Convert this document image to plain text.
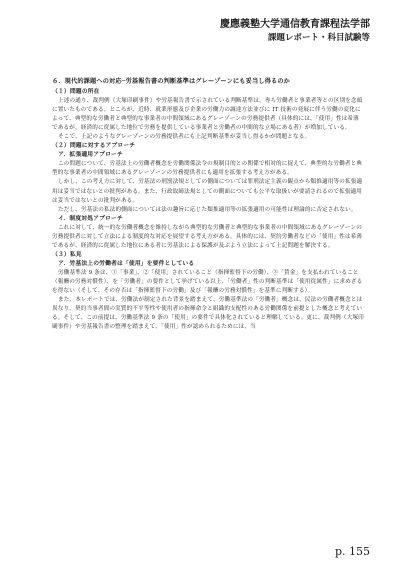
慶應義塾大学通信教育課程法学部
課題レポート・科目試験等
６．現代的課題への対応─労基報告書の判断基準はグレーゾーンにも妥当し得るのか
（１）問題の所在

上述の通り、裁判例（大塚印刷事件）や労基報告書で示されている判断基準は、専ら労働者と事業者等との区別を念頭に置いたものである。ところが、近時、就業形態及び企業の労働力の調達方法並びに IT 技術の発展に伴う労働の変化によって、典型的な労働者と典型的な事業者の中間領域にあるグレーゾーンの労務提供者（具体的には、「使用」性は希薄であるが、経済的に従属した地位で労務を提供している事業者と労働者の中間的な立場にある者）が増加している。

そこで、上記のようなグレーゾーンの労務提供者にも上記判断基準が妥当し得るかが問題となる。

（２）問題に対するアプローチ
ア．拡張適用アプローチ

この問題について、労基法上の労働者概念を労働関係法令の規制目的との関係で相対的に捉えて、典型的な労働者と典型的な事業者の中間領域にあるグレーゾーンの労務提供者にも適用を拡張する考え方がある。

しかし、この考え方に対して、労基法の刑罰法規としての側面については罪刑法定主義の観点から類推適用等の拡張適用は妥当ではないとの批判がある。また、行政取締法規としての側面についても公平な取扱いが要請されるので拡張適用は妥当ではないとの批判がある。

ただし、労基法の私法的側面については法の趣旨に応じた類推適用等の拡張適用の可能性は理論的に否定されない。

イ．制度対処アプローチ

これに対して、統一的な労働者概念を維持しながら典型的な労働者と典型的な事業者の中間領域にあるグレーゾーンの労務提供者に対して立法による制度的な対応を展望する考え方がある。具体的には、契約労働者などの「使用」性は希薄であるが、経済的に従属した地位にある者に労基法による保護が及ぶよう立法によって上記問題を解決する。

（３）私見
ア．労基法上の労働者は「使用」を要件としている

労働基準法 9 条は、①「事業」、②「使用」されていること（指揮監督下の労働）、③「賃金」を支払われていること（報酬の労務対償性）、を「労働者」の要件として挙げている以上、「労働者」性の判断基準は「使用従属性」に求めざるを得ない（そして、その存否は「指揮監督下の労働」及び「報酬の労務対償性」を基準に判断する）。

また、本レポートでは、労働法が制定された背景を踏まえて、労働基準法の「労働者」概念は、民法の労働者概念とは異なり、契約当事者間の実質的不平等性や使用者の指揮命令と組織的支配性のある労働関係を前提とした概念と考えている。そして、この前提は、労働基準法 9 条の「使用」の要件で具体化されていると理解している。更に、裁判例（大塚印刷事件）や労基報告書の整理を踏まえて、「使用」性が認められるためには、当

p. 155
